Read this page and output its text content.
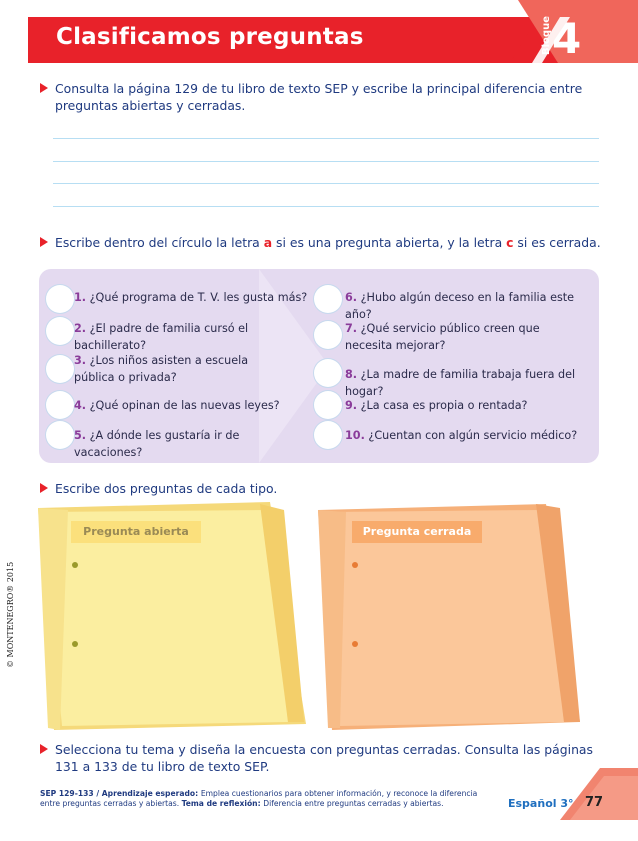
Clasificamos preguntas	Bloque 4
Consulta la página 129 de tu libro de texto SEP y escribe la principal diferencia entre preguntas abiertas y cerradas.
Escribe dentro del círculo la letra a si es una pregunta abierta, y la letra c si es cerrada.
1. ¿Qué programa de T. V. les gusta más?
2. ¿El padre de familia cursó el bachillerato?
3. ¿Los niños asisten a escuela pública o privada?
4. ¿Qué opinan de las nuevas leyes?
5. ¿A dónde les gustaría ir de vacaciones?
6. ¿Hubo algún deceso en la familia este año?
7. ¿Qué servicio público creen que necesita mejorar?
8. ¿La madre de familia trabaja fuera del hogar?
9. ¿La casa es propia o rentada?
10. ¿Cuentan con algún servicio médico?
Escribe dos preguntas de cada tipo.
Pregunta abierta	Pregunta cerrada
Selecciona tu tema y diseña la encuesta con preguntas cerradas. Consulta las páginas 131 a 133 de tu libro de texto SEP.
© MONTENEGRO® 2015
SEP 129-133 / Aprendizaje esperado: Emplea cuestionarios para obtener información, y reconoce la diferencia entre preguntas cerradas y abiertas. Tema de reflexión: Diferencia entre preguntas cerradas y abiertas.	Español 3° 77
